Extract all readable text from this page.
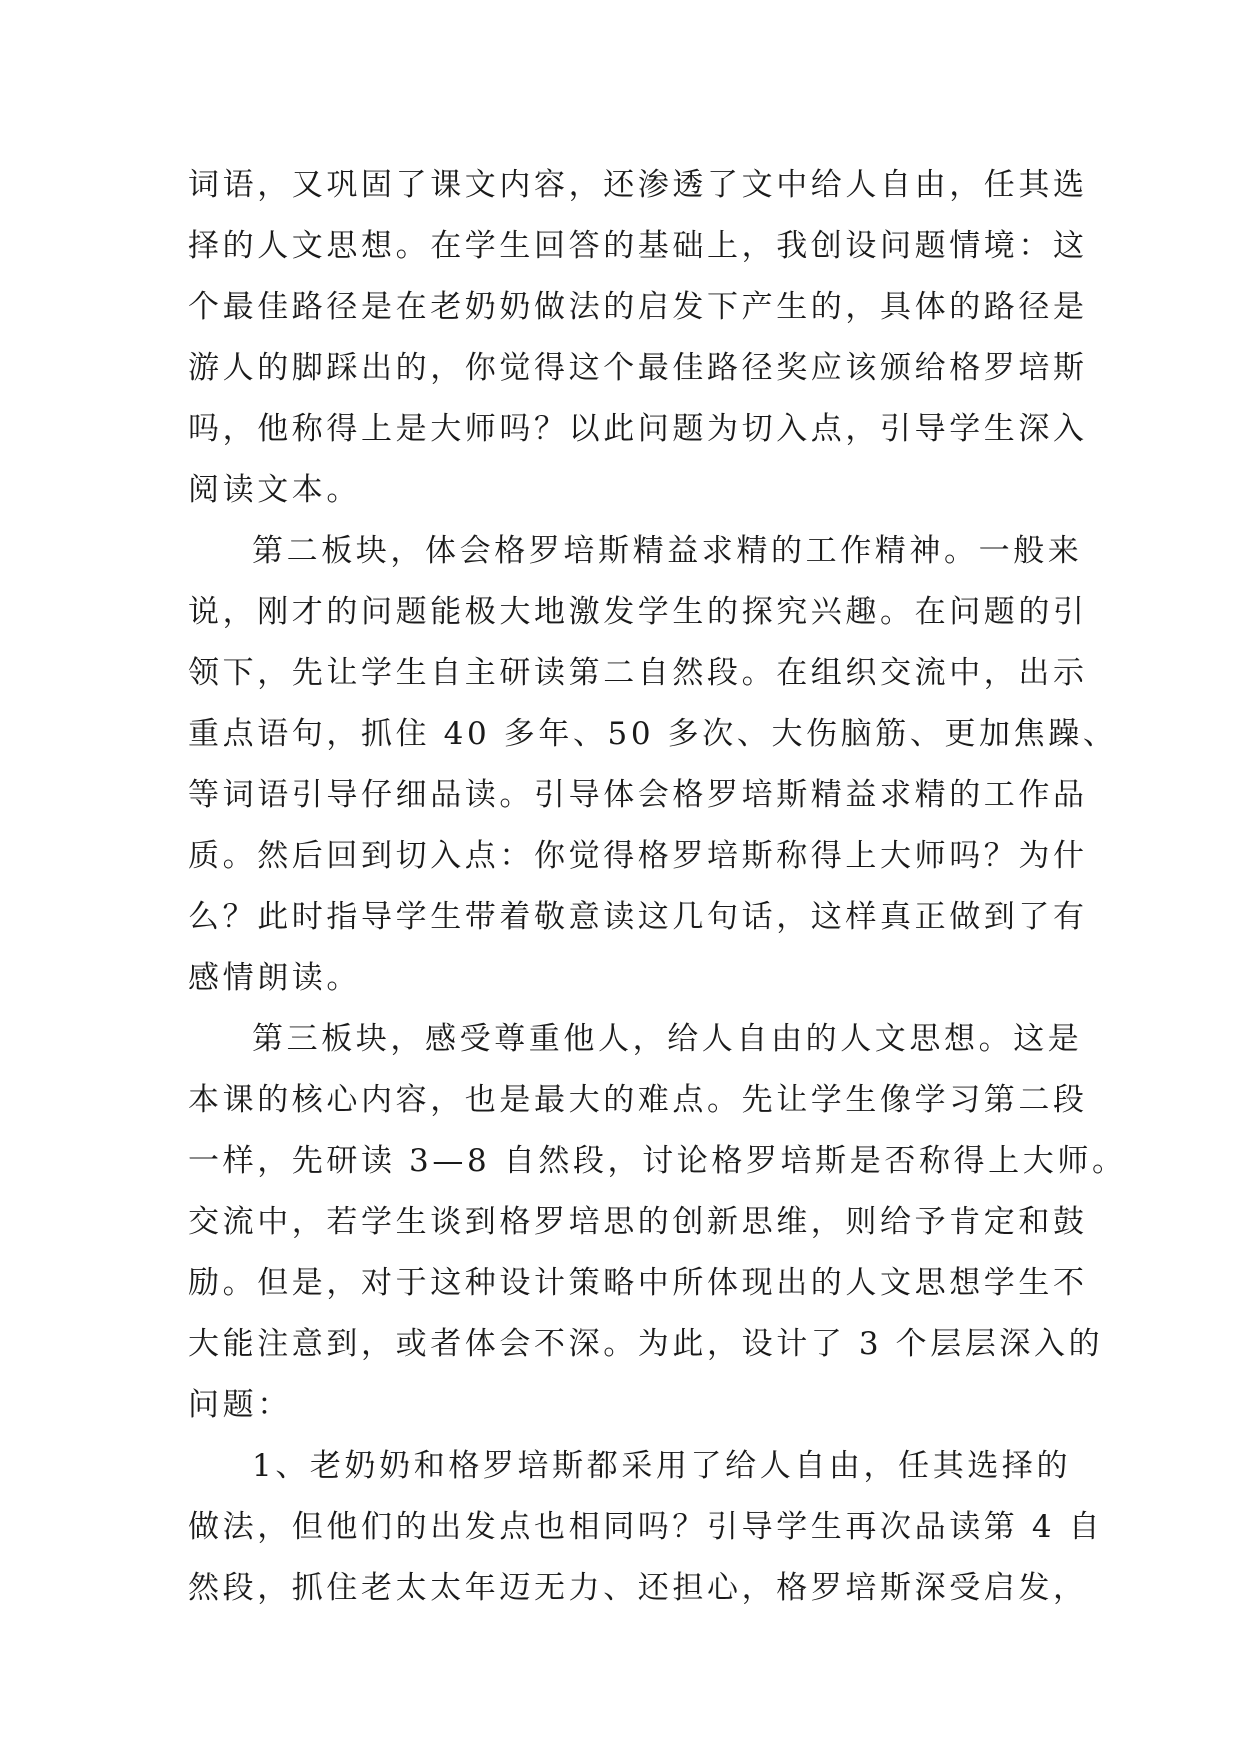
词语，又巩固了课文内容，还渗透了文中给人自由，任其选
择的人文思想。在学生回答的基础上，我创设问题情境：这
个最佳路径是在老奶奶做法的启发下产生的，具体的路径是
游人的脚踩出的，你觉得这个最佳路径奖应该颁给格罗培斯
吗，他称得上是大师吗？以此问题为切入点，引导学生深入
阅读文本。
第二板块，体会格罗培斯精益求精的工作精神。一般来
说，刚才的问题能极大地激发学生的探究兴趣。在问题的引
领下，先让学生自主研读第二自然段。在组织交流中，出示
重点语句，抓住 40 多年、50 多次、大伤脑筋、更加焦躁、
等词语引导仔细品读。引导体会格罗培斯精益求精的工作品
质。然后回到切入点：你觉得格罗培斯称得上大师吗？为什
么？此时指导学生带着敬意读这几句话，这样真正做到了有
感情朗读。
第三板块，感受尊重他人，给人自由的人文思想。这是
本课的核心内容，也是最大的难点。先让学生像学习第二段
一样，先研读 3—8 自然段，讨论格罗培斯是否称得上大师。
交流中，若学生谈到格罗培思的创新思维，则给予肯定和鼓
励。但是，对于这种设计策略中所体现出的人文思想学生不
大能注意到，或者体会不深。为此，设计了 3 个层层深入的
问题：
1、老奶奶和格罗培斯都采用了给人自由，任其选择的
做法，但他们的出发点也相同吗？引导学生再次品读第 4 自
然段，抓住老太太年迈无力、还担心，格罗培斯深受启发，
